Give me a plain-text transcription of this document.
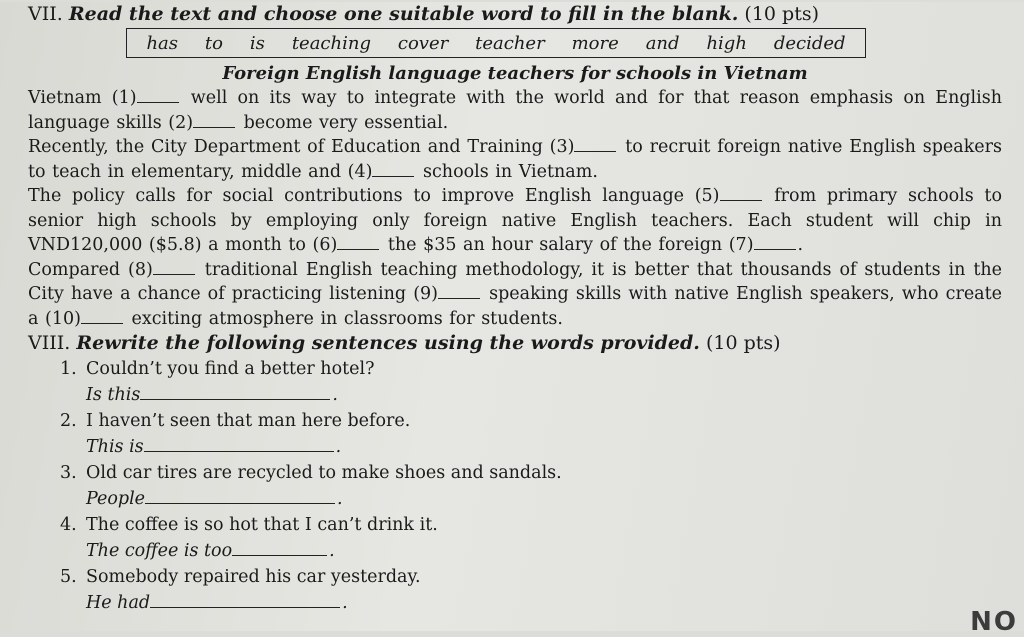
VII. Read the text and choose one suitable word to fill in the blank. (10 pts)
has to is teaching cover teacher more and high decided
Foreign English language teachers for schools in Vietnam

Vietnam (1)	well on its way to integrate with the world and for that reason emphasis on English language skills (2)	become very essential.

Recently, the City Department of Education and Training (3)	to recruit foreign native English speakers to teach in elementary, middle and (4)	schools in Vietnam.

The policy calls for social contributions to improve English language (5)	from primary schools to senior high schools by employing only foreign native English teachers. Each student will chip in VND120,000 ($5.8) a month to (6)	the $35 an hour salary of the foreign (7)	.

Compared (8)	traditional English teaching methodology, it is better that thousands of students in the City have a chance of practicing listening (9)	speaking skills with native English speakers, who create a (10)	exciting atmosphere in classrooms for students.

VIII. Rewrite the following sentences using the words provided. (10 pts)
1. Couldn’t you find a better hotel?
Is this	.
2. I haven’t seen that man here before.
This is	.
3. Old car tires are recycled to make shoes and sandals.
People	.
4. The coffee is so hot that I can’t drink it.
The coffee is too	.
5. Somebody repaired his car yesterday.
He had	.
NO
